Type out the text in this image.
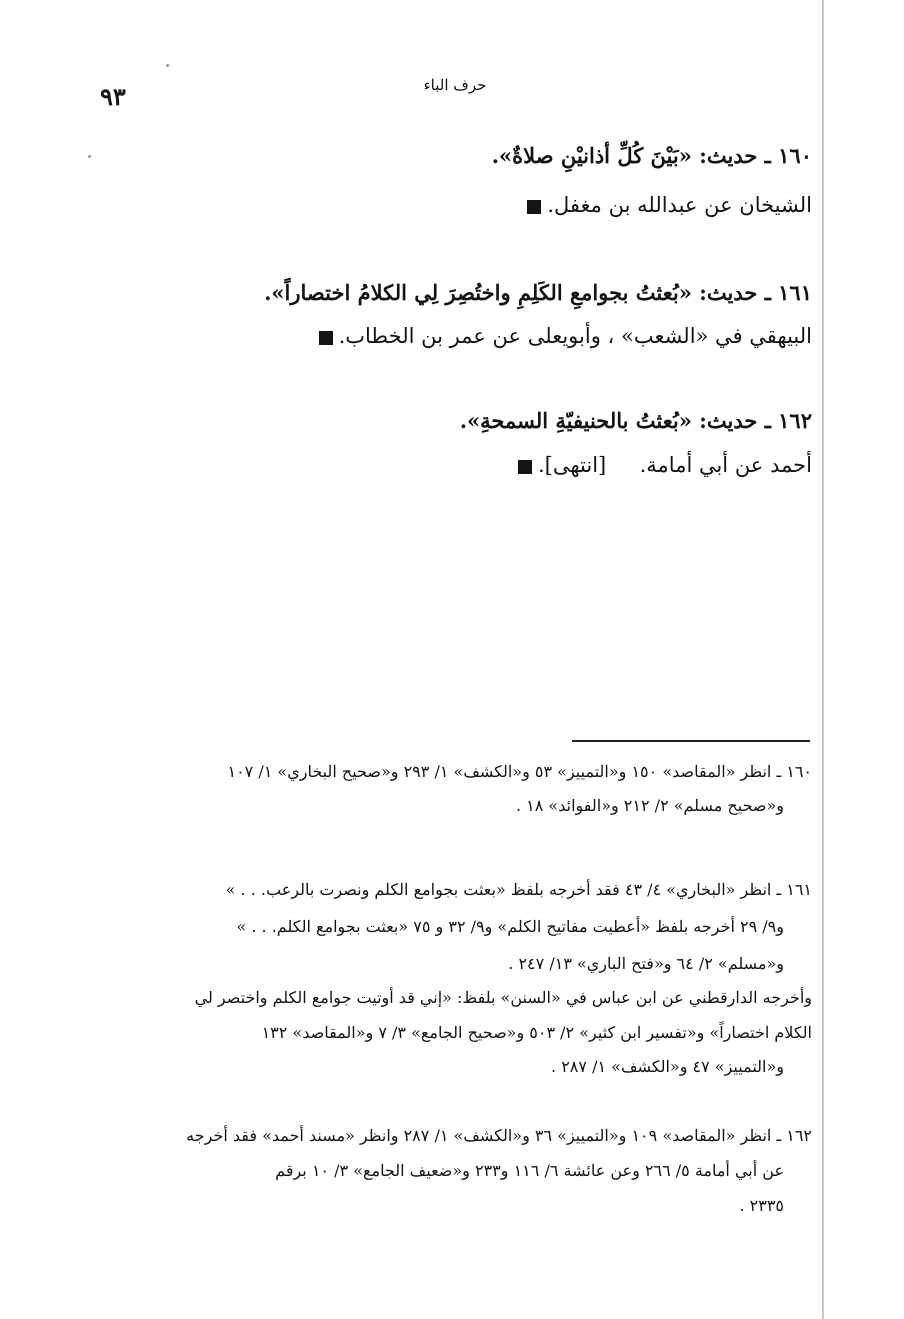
حرف الباء
٩٣
١٦٠ ـ حديث: «بَيْنَ كُلِّ أذانيْنِ صلاةٌ».
الشيخان عن عبدالله بن مغفل.
١٦١ ـ حديث: «بُعثتُ بجوامعِ الكَلِمِ واختُصِرَ لِي الكلامُ اختصاراً».
البيهقي في «الشعب» ، وأبويعلى عن عمر بن الخطاب.
١٦٢ ـ حديث: «بُعثتُ بالحنيفيّةِ السمحةِ».
أحمد عن أبي أمامة.     [انتهى].
١٦٠ ـ انظر «المقاصد» ١٥٠ و«التمييز» ٥٣ و«الكشف» ١/ ٢٩٣ و«صحيح البخاري» ١/ ١٠٧
و«صحيح مسلم» ٢/ ٢١٢ و«الفوائد» ١٨ .
١٦١ ـ انظر «البخاري» ٤/ ٤٣ فقد أخرجه بلفظ «بعثت بجوامع الكلم ونصرت بالرعب. . . »
و٩/ ٢٩ أخرجه بلفظ «أعطيت مفاتيح الكلم» و٩/ ٣٢ و ٧٥ «بعثت بجوامع الكلم. . . »
و«مسلم» ٢/ ٦٤ و«فتح الباري» ١٣/ ٢٤٧ .
وأخرجه الدارقطني عن ابن عباس في «السنن» بلفظ: «إني قد أوتيت جوامع الكلم واختصر لي
الكلام اختصاراً» و«تفسير ابن كثير» ٢/ ٥٠٣ و«صحيح الجامع» ٣/ ٧ و«المقاصد» ١٣٢
و«التمييز» ٤٧ و«الكشف» ١/ ٢٨٧ .
١٦٢ ـ انظر «المقاصد» ١٠٩ و«التمييز» ٣٦ و«الكشف» ١/ ٢٨٧ وانظر «مسند أحمد» فقد أخرجه
عن أبي أمامة ٥/ ٢٦٦ وعن عائشة ٦/ ١١٦ و٢٣٣ و«ضعيف الجامع» ٣/ ١٠ برقم
٢٣٣٥ .
